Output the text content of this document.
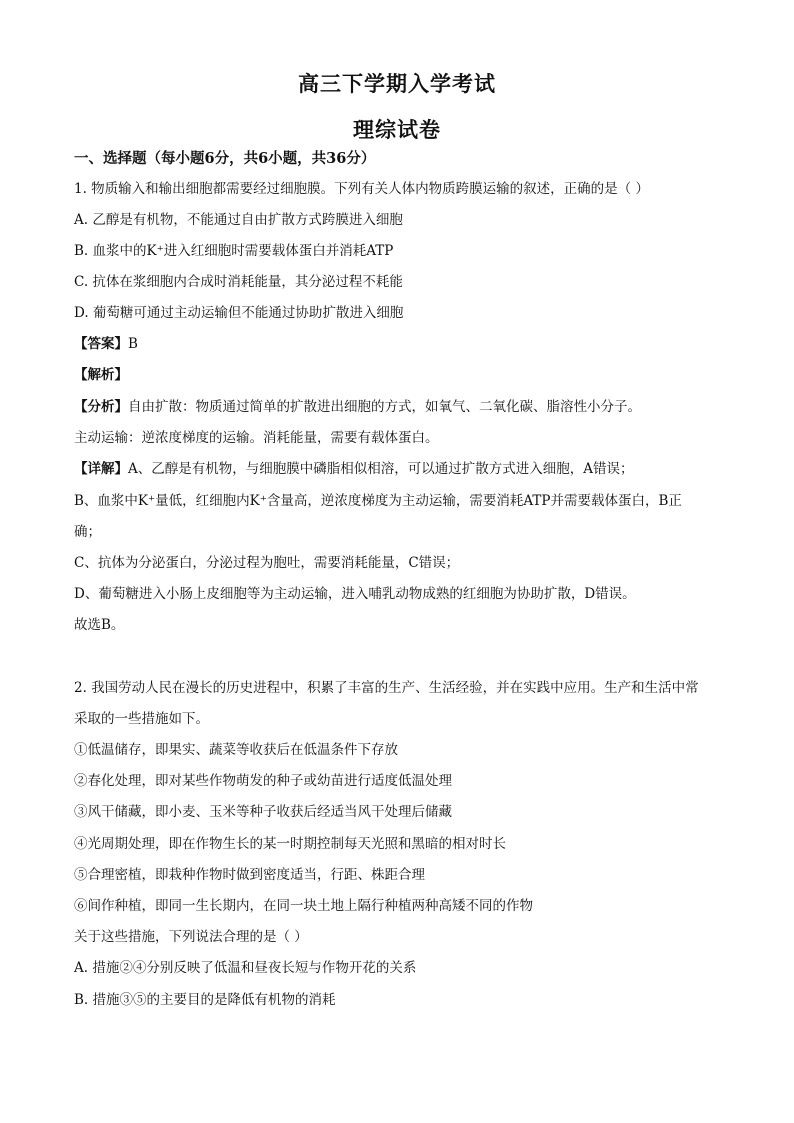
高三下学期入学考试
理综试卷
一、选择题（每小题6分，共6小题，共36分）
1. 物质输入和输出细胞都需要经过细胞膜。下列有关人体内物质跨膜运输的叙述，正确的是（ ）
A. 乙醇是有机物，不能通过自由扩散方式跨膜进入细胞
B. 血浆中的K⁺进入红细胞时需要载体蛋白并消耗ATP
C. 抗体在浆细胞内合成时消耗能量，其分泌过程不耗能
D. 葡萄糖可通过主动运输但不能通过协助扩散进入细胞
【答案】B
【解析】
【分析】自由扩散：物质通过简单的扩散进出细胞的方式，如氧气、二氧化碳、脂溶性小分子。
主动运输：逆浓度梯度的运输。消耗能量，需要有载体蛋白。
【详解】A、乙醇是有机物，与细胞膜中磷脂相似相溶，可以通过扩散方式进入细胞，A错误；
B、血浆中K⁺量低，红细胞内K⁺含量高，逆浓度梯度为主动运输，需要消耗ATP并需要载体蛋白，B正
确；
C、抗体为分泌蛋白，分泌过程为胞吐，需要消耗能量，C错误；
D、葡萄糖进入小肠上皮细胞等为主动运输，进入哺乳动物成熟的红细胞为协助扩散，D错误。
故选B。
2. 我国劳动人民在漫长的历史进程中，积累了丰富的生产、生活经验，并在实践中应用。生产和生活中常
采取的一些措施如下。
①低温储存，即果实、蔬菜等收获后在低温条件下存放
②春化处理，即对某些作物萌发的种子或幼苗进行适度低温处理
③风干储藏，即小麦、玉米等种子收获后经适当风干处理后储藏
④光周期处理，即在作物生长的某一时期控制每天光照和黑暗的相对时长
⑤合理密植，即栽种作物时做到密度适当，行距、株距合理
⑥间作种植，即同一生长期内，在同一块土地上隔行种植两种高矮不同的作物
关于这些措施，下列说法合理的是（ ）
A. 措施②④分别反映了低温和昼夜长短与作物开花的关系
B. 措施③⑤的主要目的是降低有机物的消耗
